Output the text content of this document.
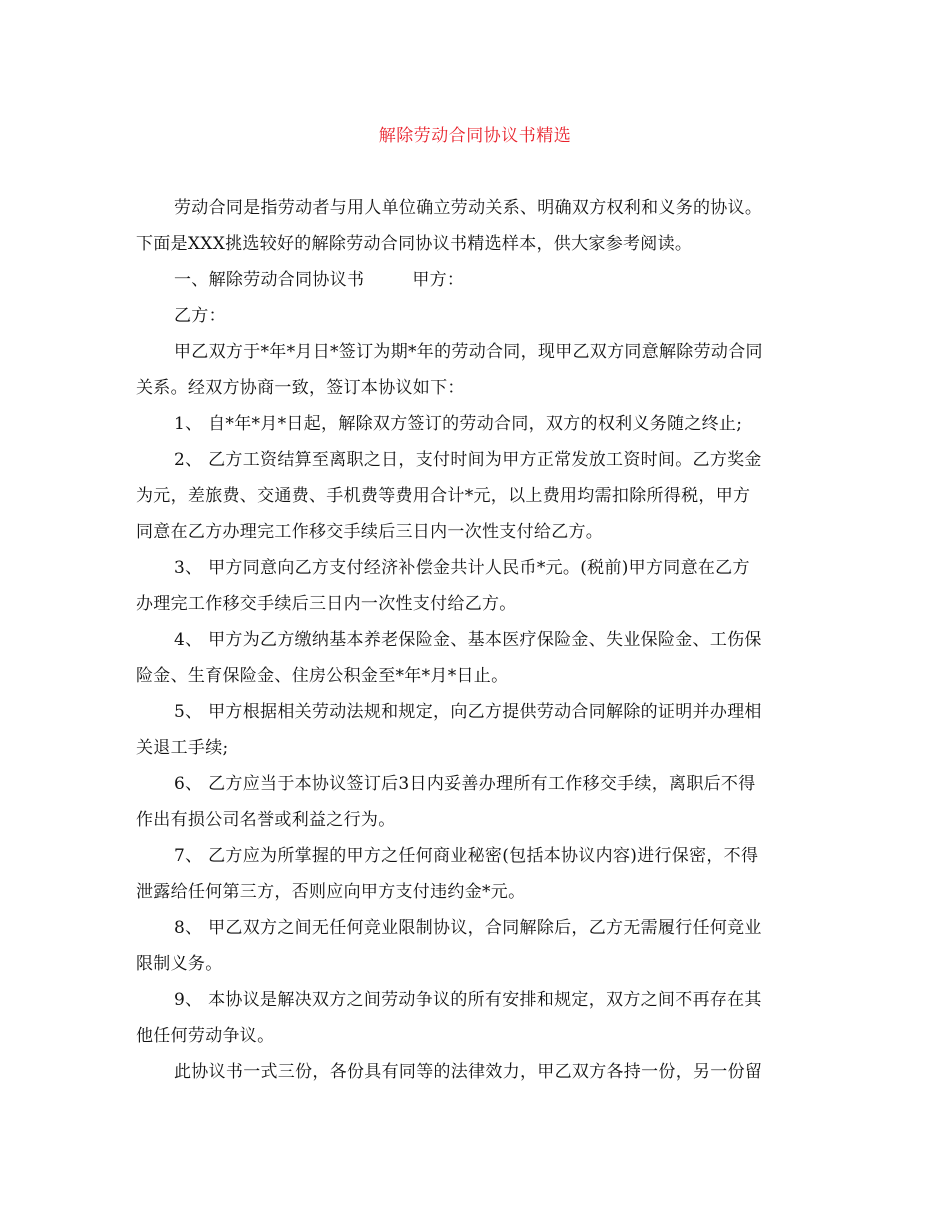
解除劳动合同协议书精选

劳动合同是指劳动者与用人单位确立劳动关系、明确双方权利和义务的协议。
下面是XXX挑选较好的解除劳动合同协议书精选样本，供大家参考阅读。

一、解除劳动合同协议书	甲方：

乙方：

甲乙双方于*年*月日*签订为期*年的劳动合同，现甲乙双方同意解除劳动合同
关系。经双方协商一致，签订本协议如下：

1、 自*年*月*日起，解除双方签订的劳动合同，双方的权利义务随之终止;

2、 乙方工资结算至离职之日，支付时间为甲方正常发放工资时间。乙方奖金
为元，差旅费、交通费、手机费等费用合计*元，以上费用均需扣除所得税，甲方
同意在乙方办理完工作移交手续后三日内一次性支付给乙方。

3、 甲方同意向乙方支付经济补偿金共计人民币*元。(税前)甲方同意在乙方
办理完工作移交手续后三日内一次性支付给乙方。

4、 甲方为乙方缴纳基本养老保险金、基本医疗保险金、失业保险金、工伤保
险金、生育保险金、住房公积金至*年*月*日止。

5、 甲方根据相关劳动法规和规定，向乙方提供劳动合同解除的证明并办理相
关退工手续;

6、 乙方应当于本协议签订后3日内妥善办理所有工作移交手续，离职后不得
作出有损公司名誉或利益之行为。

7、 乙方应为所掌握的甲方之任何商业秘密(包括本协议内容)进行保密，不得
泄露给任何第三方，否则应向甲方支付违约金*元。

8、 甲乙双方之间无任何竞业限制协议，合同解除后，乙方无需履行任何竞业
限制义务。

9、 本协议是解决双方之间劳动争议的所有安排和规定，双方之间不再存在其
他任何劳动争议。

此协议书一式三份，各份具有同等的法律效力，甲乙双方各持一份，另一份留
